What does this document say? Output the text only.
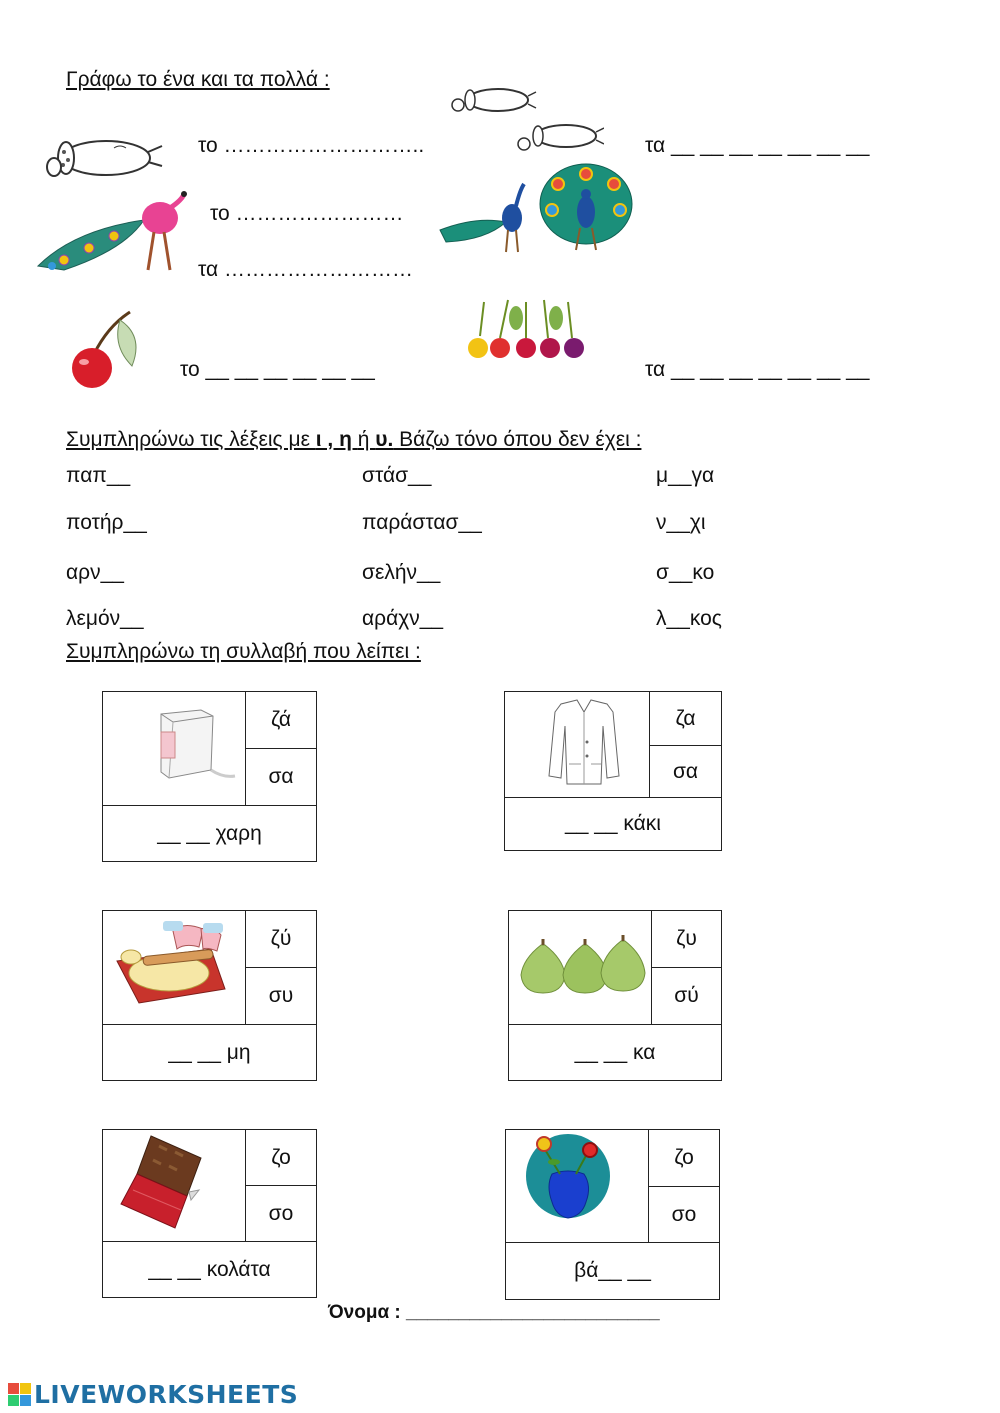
Γράφω το ένα και τα πολλά :
το ………………………..	τα __ __ __ __ __ __ __
το ……………………
τα ………………………
το __ __ __ __ __ __	τα __ __ __ __ __ __ __
Συμπληρώνω τις λέξεις με ι , η ή υ. Βάζω τόνο όπου δεν έχει :
παπ__
ποτήρ__
αρν__
λεμόν__
στάσ__
παράστασ__
σελήν__
αράχν__
μ__γα
ν__χι
σ__κο
λ__κος
Συμπληρώνω τη συλλαβή που λείπει :
ζά
σα
__ __ χαρη
ζα
σα
__ __ κάκι
ζύ
συ
__ __ μη
ζυ
σύ
__ __ κα
ζο
σο
__ __ κολάτα
ζο
σο
βά__ __
Όνομα : ________________________
LIVEWORKSHEETS
